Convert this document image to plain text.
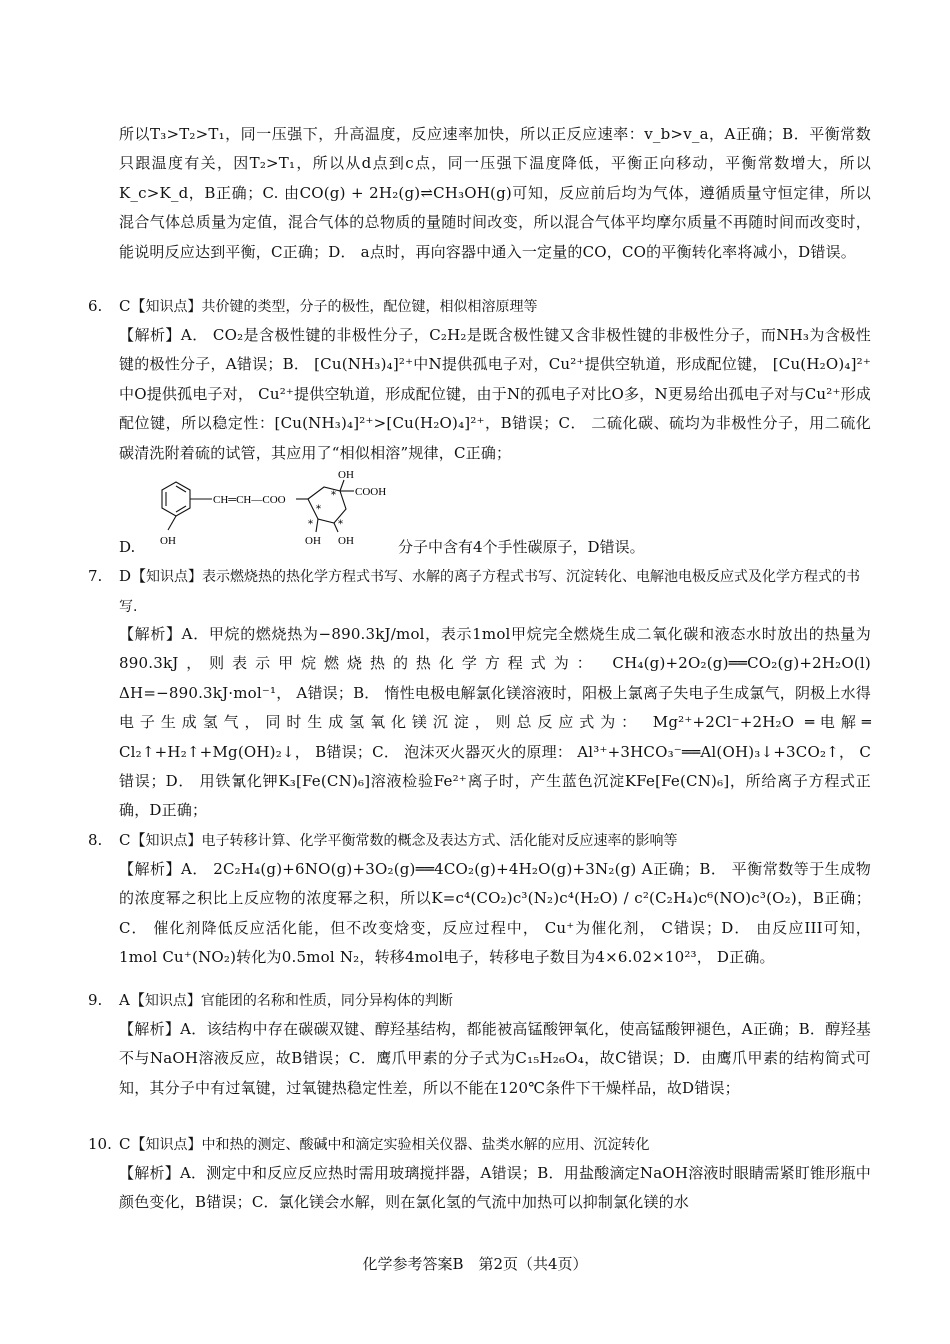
所以T₃>T₂>T₁，同一压强下，升高温度，反应速率加快，所以正反应速率：v_b>v_a，A正确；B．平衡常数只跟温度有关，因T₂>T₁，所以从d点到c点，同一压强下温度降低，平衡正向移动，平衡常数增大，所以K_c>K_d，B正确；C. 由CO(g) + 2H₂(g)⇌CH₃OH(g)可知，反应前后均为气体，遵循质量守恒定律，所以混合气体总质量为定值，混合气体的总物质的量随时间改变，所以混合气体平均摩尔质量不再随时间而改变时，能说明反应达到平衡，C正确；D． a点时，再向容器中通入一定量的CO，CO的平衡转化率将减小，D错误。
6. C【知识点】共价键的类型，分子的极性，配位键，相似相溶原理等
【解析】A． CO₂是含极性键的非极性分子，C₂H₂是既含极性键又含非极性键的非极性分子，而NH₃为含极性键的极性分子，A错误；B． [Cu(NH₃)₄]²⁺中N提供孤电子对，Cu²⁺提供空轨道，形成配位键， [Cu(H₂O)₄]²⁺中O提供孤电子对， Cu²⁺提供空轨道，形成配位键，由于N的孤电子对比O多，N更易给出孤电子对与Cu²⁺形成配位键，所以稳定性：[Cu(NH₃)₄]²⁺>[Cu(H₂O)₄]²⁺，B错误；C． 二硫化碳、硫均为非极性分子，用二硫化碳清洗附着硫的试管，其应用了“相似相溶”规律，C正确；
OH
CH═CH—COO
OH
COOH
OH OH
*
*	*
*
D.	分子中含有4个手性碳原子，D错误。
7. D【知识点】表示燃烧热的热化学方程式书写、水解的离子方程式书写、沉淀转化、电解池电极反应式及化学方程式的书写.
【解析】A．甲烷的燃烧热为−890.3kJ/mol，表示1mol甲烷完全燃烧生成二氧化碳和液态水时放出的热量为890.3kJ，则表示甲烷燃烧热的热化学方程式为： CH₄(g)+2O₂(g)══CO₂(g)+2H₂O(l) ΔH=−890.3kJ·mol⁻¹， A错误；B． 惰性电极电解氯化镁溶液时，阳极上氯离子失电子生成氯气，阴极上水得电子生成氢气，同时生成氢氧化镁沉淀，则总反应式为： Mg²⁺+2Cl⁻+2H₂O ═电解═ Cl₂↑+H₂↑+Mg(OH)₂↓， B错误；C． 泡沫灭火器灭火的原理： Al³⁺+3HCO₃⁻══Al(OH)₃↓+3CO₂↑， C错误；D． 用铁氰化钾K₃[Fe(CN)₆]溶液检验Fe²⁺离子时，产生蓝色沉淀KFe[Fe(CN)₆]，所给离子方程式正确，D正确；
8. C【知识点】电子转移计算、化学平衡常数的概念及表达方式、活化能对反应速率的影响等
【解析】A． 2C₂H₄(g)+6NO(g)+3O₂(g)══4CO₂(g)+4H₂O(g)+3N₂(g) A正确；B． 平衡常数等于生成物的浓度幂之积比上反应物的浓度幂之积，所以K=c⁴(CO₂)c³(N₂)c⁴(H₂O) / c²(C₂H₄)c⁶(NO)c³(O₂)，B正确；C． 催化剂降低反应活化能，但不改变焓变，反应过程中， Cu⁺为催化剂， C错误；D． 由反应III可知， 1mol Cu⁺(NO₂)转化为0.5mol N₂，转移4mol电子，转移电子数目为4×6.02×10²³， D正确。
9. A【知识点】官能团的名称和性质，同分异构体的判断
【解析】A．该结构中存在碳碳双键、醇羟基结构，都能被高锰酸钾氧化，使高锰酸钾褪色，A正确；B．醇羟基不与NaOH溶液反应，故B错误；C．鹰爪甲素的分子式为C₁₅H₂₆O₄，故C错误；D．由鹰爪甲素的结构简式可知，其分子中有过氧键，过氧键热稳定性差，所以不能在120℃条件下干燥样品，故D错误；
10. C【知识点】中和热的测定、酸碱中和滴定实验相关仪器、盐类水解的应用、沉淀转化
【解析】A．测定中和反应反应热时需用玻璃搅拌器，A错误；B．用盐酸滴定NaOH溶液时眼睛需紧盯锥形瓶中颜色变化，B错误；C．氯化镁会水解，则在氯化氢的气流中加热可以抑制氯化镁的水
化学参考答案B　第2页（共4页）
